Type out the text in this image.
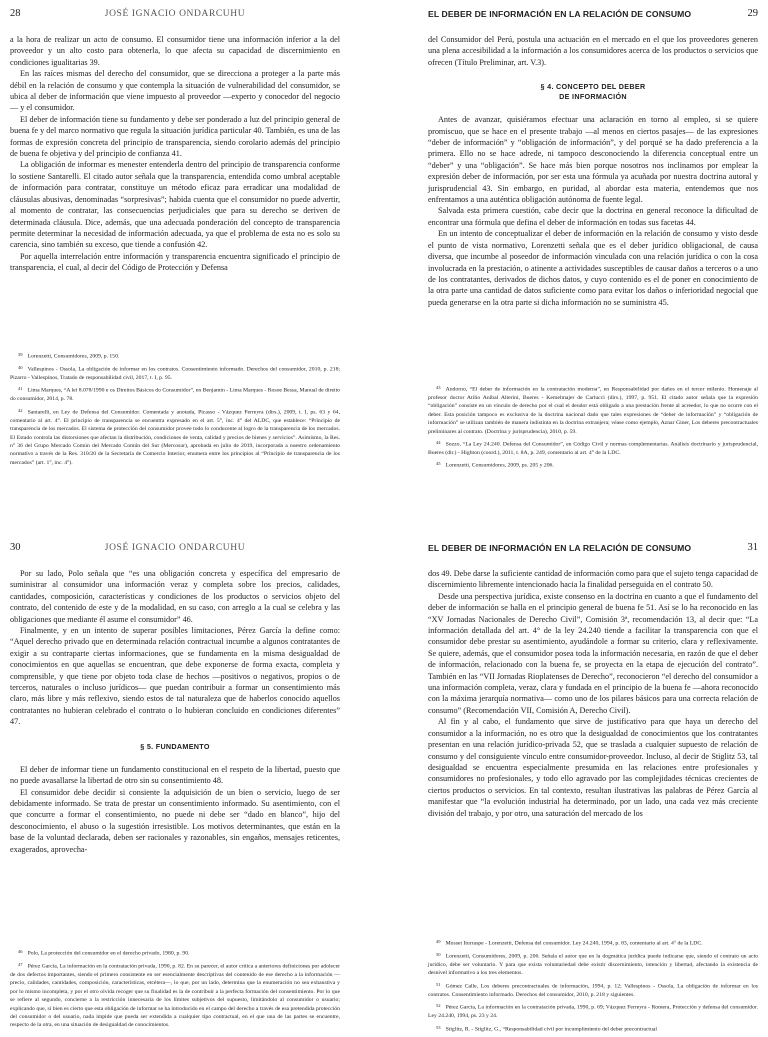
28	JOSÉ IGNACIO ONDARCUHU

a la hora de realizar un acto de consumo. El consumidor tiene una información inferior a la del proveedor y un alto costo para obtenerla, lo que afecta su capacidad de discernimiento en condiciones igualitarias 39.

En las raíces mismas del derecho del consumidor, que se direcciona a proteger a la parte más débil en la relación de consumo y que contempla la situación de vulnerabilidad del consumidor, se ubica al deber de información que viene impuesto al proveedor —experto y conocedor del negocio— y el consumidor.

El deber de información tiene su fundamento y debe ser ponderado a luz del principio general de buena fe y del marco normativo que regula la situación jurídica particular 40. También, es una de las formas de expresión concreta del principio de transparencia, siendo corolario además del principio de buena fe objetiva y del principio de confianza 41.

La obligación de informar es menester entenderla dentro del principio de transparencia conforme lo sostiene Santarelli. El citado autor señala que la transparencia, entendida como umbral aceptable de información para contratar, constituye un método eficaz para erradicar una modalidad de cláusulas abusivas, denominadas “sorpresivas”; habida cuenta que el consumidor no puede advertir, al momento de contratar, las consecuencias perjudiciales que para su derecho se deriven de determinada cláusula. Dice, además, que una adecuada ponderación del concepto de transparencia permite determinar la necesidad de información adecuada, ya que el problema de esta no es solo su carencia, sino también su exceso, que tiende a confusión 42.

Por aquella interrelación entre información y transparencia encuentra significado el principio de transparencia, el cual, al decir del Código de Protección y Defensa

$^{39}$ Lorenzetti, Consumidores, 2009, p. 150.

$^{40}$ Vallespinos - Ossola, La obligación de informar en los contratos. Consentimiento informado. Derechos del consumidor, 2010, p. 218; Pizarro - Vallespinos, Tratado de responsabilidad civil, 2017, t. I, p. 95.

$^{41}$ Lima Marques, “A lei 8.078/1990 e os Direitos Básicos do Consumidor”, en Benjamin - Lima Marques - Rosoe Bessa, Manual de direito do consumidor, 2014, p. 78.

$^{42}$ Santarelli, en Ley de Defensa del Consumidor. Comentada y anotada, Picasso - Vázquez Ferreyra (dirs.), 2009, t. I, ps. 63 y 64, comentario al art. 4°. El principio de transparencia se encuentra expresado en el art. 5°, inc. 4° del ALDC, que establece: “Principio de transparencia de los mercados. El sistema de protección del consumidor provee todo lo conducente al logro de la transparencia de los mercados. El Estado controla las distorsiones que afectan la distribución, condiciones de venta, calidad y precios de bienes y servicios”. Asimismo, la Res. n° 36 del Grupo Mercado Común del Mercado Común del Sur (Mercosur), aprobada en julio de 2019, incorporada a nuestro ordenamiento normativo a través de la Res. 310/20 de la Secretaría de Comercio Interior, enumera entre los principios al “Principio de transparencia de los mercados” (art. 1°, inc. 4°).

EL DEBER DE INFORMACIÓN EN LA RELACIÓN DE CONSUMO	29

del Consumidor del Perú, postula una actuación en el mercado en el que los proveedores generen una plena accesibilidad a la información a los consumidores acerca de los productos o servicios que ofrecen (Título Preliminar, art. V.3).

§ 4. CONCEPTO DEL DEBER
DE INFORMACIÓN

Antes de avanzar, quisiéramos efectuar una aclaración en torno al empleo, si se quiere promiscuo, que se hace en el presente trabajo —al menos en ciertos pasajes— de las expresiones “deber de información” y “obligación de información”, y del porqué se ha dado preferencia a la primera. Ello no se hace adrede, ni tampoco desconociendo la diferencia conceptual entre un “deber” y una “obligación”. Se hace más bien porque nosotros nos inclinamos por emplear la expresión deber de información, por ser esta una fórmula ya acuñada por nuestra doctrina autoral y jurisprudencial 43. Sin embargo, en puridad, al abordar esta materia, entendemos que nos enfrentamos a una auténtica obligación autónoma de fuente legal.

Salvada esta primera cuestión, cabe decir que la doctrina en general reconoce la dificultad de encontrar una fórmula que defina el deber de información en todas sus facetas 44.

En un intento de conceptualizar el deber de información en la relación de consumo y visto desde el punto de vista normativo, Lorenzetti señala que es el deber jurídico obligacional, de causa diversa, que incumbe al poseedor de información vinculada con una relación jurídica o con la cosa involucrada en la prestación, o atinente a actividades susceptibles de causar daños a terceros o a uno de los contratantes, derivados de dichos datos, y cuyo contenido es el de poner en conocimiento de la otra parte una cantidad de datos suficiente como para evitar los daños o inferioridad negocial que pueda generarse en la otra parte si dicha información no se suministra 45.

$^{43}$ Andorno, “El deber de información en la contratación moderna”, en Responsabilidad por daños en el tercer milenio. Homenaje al profesor doctor Atilio Aníbal Alterini, Bueres - Kemelmajer de Carlucci (dirs.), 1997, p. 951. El citado autor señala que la expresión “obligación” consiste en un vínculo de derecho por el cual el deudor está obligado a una prestación frente al acreedor, lo que no ocurre con el deber. Esta posición tampoco es exclusiva de la doctrina nacional dado que tales expresiones de “deber de información” y “obligación de información” se utilizan también de manera indistinta en la doctrina extranjera; véase como ejemplo, Aznar Giner, Los deberes precontractuales preliminares al contrato. (Doctrina y jurisprudencia), 2010, p. 59.

$^{44}$ Sozzo, “La Ley 24.240. Defensa del Consumidor”, en Código Civil y normas complementarias. Análisis doctrinario y jurisprudencial, Bueres (dir.) - Highton (coord.), 2011, t. 8A, p. 249, comentario al art. 4° de la LDC.

$^{45}$ Lorenzetti, Consumidores, 2009, ps. 205 y 206.

30	JOSÉ IGNACIO ONDARCUHU

Por su lado, Polo señala que “es una obligación concreta y específica del empresario de suministrar al consumidor una información veraz y completa sobre los precios, calidades, cantidades, composición, características y condiciones de los productos o servicios objeto del contrato, del contenido de este y de la modalidad, en su caso, con arreglo a la cual se celebra y las obligaciones que mediante él asume el consumidor” 46.

Finalmente, y en un intento de superar posibles limitaciones, Pérez García la define como: “Aquel derecho privado que en determinada relación contractual incumbe a algunos contratantes de exigir a su contraparte ciertas informaciones, que se fundamenta en la misma desigualdad de conocimientos en que aquellas se encuentran, que debe exponerse de forma exacta, completa y comprensible, y que tiene por objeto toda clase de hechos —positivos o negativos, propios o de terceros, naturales o incluso jurídicos— que puedan contribuir a formar un consentimiento más claro, más libre y más reflexivo, siendo estos de tal naturaleza que de haberlos conocido aquellos contratantes no hubieran celebrado el contrato o lo hubieran concluido en condiciones diferentes” 47.

§ 5. FUNDAMENTO

El deber de informar tiene un fundamento constitucional en el respeto de la libertad, puesto que no puede avasallarse la libertad de otro sin su consentimiento 48.

El consumidor debe decidir si consiente la adquisición de un bien o servicio, luego de ser debidamente informado. Se trata de prestar un consentimiento informado. Su asentimiento, con el que concurre a formar el consentimiento, no puede ni debe ser “dado en blanco”, hijo del desconocimiento, el abuso o la sugestión irresistible. Los motivos determinantes, que están en la base de la voluntad declarada, deben ser racionales y razonables, sin engaños, mensajes reticentes, exagerados, aprovecha-

$^{46}$ Polo, La protección del consumidor en el derecho privado, 1980, p. 90.

$^{47}$ Pérez García, La información en la contratación privada, 1990, p. 82. En su parecer, el autor critica a anteriores definiciones por adolecer de dos defectos importantes, siendo el primero consistente en ser esencialmente descriptivas del contenido de ese derecho a la información —precio, calidades, cantidades, composición, características, etcétera—, lo que, por un lado, determina que la enumeración no sea exhaustiva y por lo mismo incompleta, y por el otro olvida recoger que su finalidad es la de contribuir a la perfecta formación del consentimiento. Por lo que se refiere al segundo, concierne a la restricción innecesaria de los límites subjetivos del supuesto, limitándolo al consumidor o usuario; explicando que, si bien es cierto que esta obligación de informar se ha introducido en el campo del derecho a través de esa pretendida protección del consumidor o del usuario, nada impide que pueda ser extendida a cualquier tipo contractual, en el que una de las partes se encuentre, respecto de la otra, en una situación de desigualdad de conocimientos.

EL DEBER DE INFORMACIÓN EN LA RELACIÓN DE CONSUMO	31

dos 49. Debe darse la suficiente cantidad de información como para que el sujeto tenga capacidad de discernimiento libremente intencionado hacia la finalidad perseguida en el contrato 50.

Desde una perspectiva jurídica, existe consenso en la doctrina en cuanto a que el fundamento del deber de información se halla en el principio general de buena fe 51. Así se lo ha reconocido en las “XV Jornadas Nacionales de Derecho Civil”, Comisión 3ª, recomendación 13, al decir que: “La información detallada del art. 4° de la ley 24.240 tiende a facilitar la transparencia con que el consumidor debe prestar su asentimiento, ayudándole a formar su criterio, clara y reflexivamente. Se quiere, además, que el consumidor posea toda la información necesaria, en razón de que el deber de información, relacionado con la buena fe, se proyecta en la etapa de ejecución del contrato”. También en las “VII Jornadas Rioplatenses de Derecho”, reconocieron “el derecho del consumidor a una información completa, veraz, clara y fundada en el principio de la buena fe —ahora reconocido con la máxima jerarquía normativa— como uno de los pilares básicos para una correcta relación de consumo” (Recomendación VII, Comisión A, Derecho Civil).

Al fin y al cabo, el fundamento que sirve de justificativo para que haya un derecho del consumidor a la información, no es otro que la desigualdad de conocimientos que los contratantes presentan en una relación jurídico-privada 52, que se traslada a cualquier supuesto de relación de consumo y del consiguiente vínculo entre consumidor-proveedor. Incluso, al decir de Stiglitz 53, tal desigualdad se encuentra especialmente presumida en las relaciones entre profesionales y consumidores no profesionales, y todo ello agravado por las complejidades técnicas crecientes de ciertos productos o servicios. En tal contexto, resultan ilustrativas las palabras de Pérez García al manifestar que “la evolución industrial ha determinado, por un lado, una cada vez más creciente división del trabajo, y por otro, una saturación del mercado de los

$^{49}$ Mosset Iturraspe - Lorenzetti, Defensa del consumidor. Ley 24.240, 1994, p. 83, comentario al art. 4° de la LDC.

$^{50}$ Lorenzetti, Consumidores, 2009, p. 206. Señala el autor que en la dogmática jurídica puede indicarse que, siendo el contrato un acto jurídico, debe ser voluntario. Y para que exista voluntariedad debe existir discernimiento, intención y libertad, afectando la existencia de desnivel informativo a los tres elementos.

$^{51}$ Gómez Calle, Los deberes precontractuales de información, 1994, p. 12; Vallespinos - Ossola, La obligación de informar en los contratos. Consentimiento informado. Derechos del consumidor, 2010, p. 218 y siguientes.

$^{52}$ Pérez García, La información en la contratación privada, 1990, p. 69; Vázquez Ferreyra - Romera, Protección y defensa del consumidor. Ley 24.240, 1994, ps. 23 y 24.

$^{53}$ Stiglitz, R. - Stiglitz, G., “Responsabilidad civil por incumplimiento del deber precontractual
